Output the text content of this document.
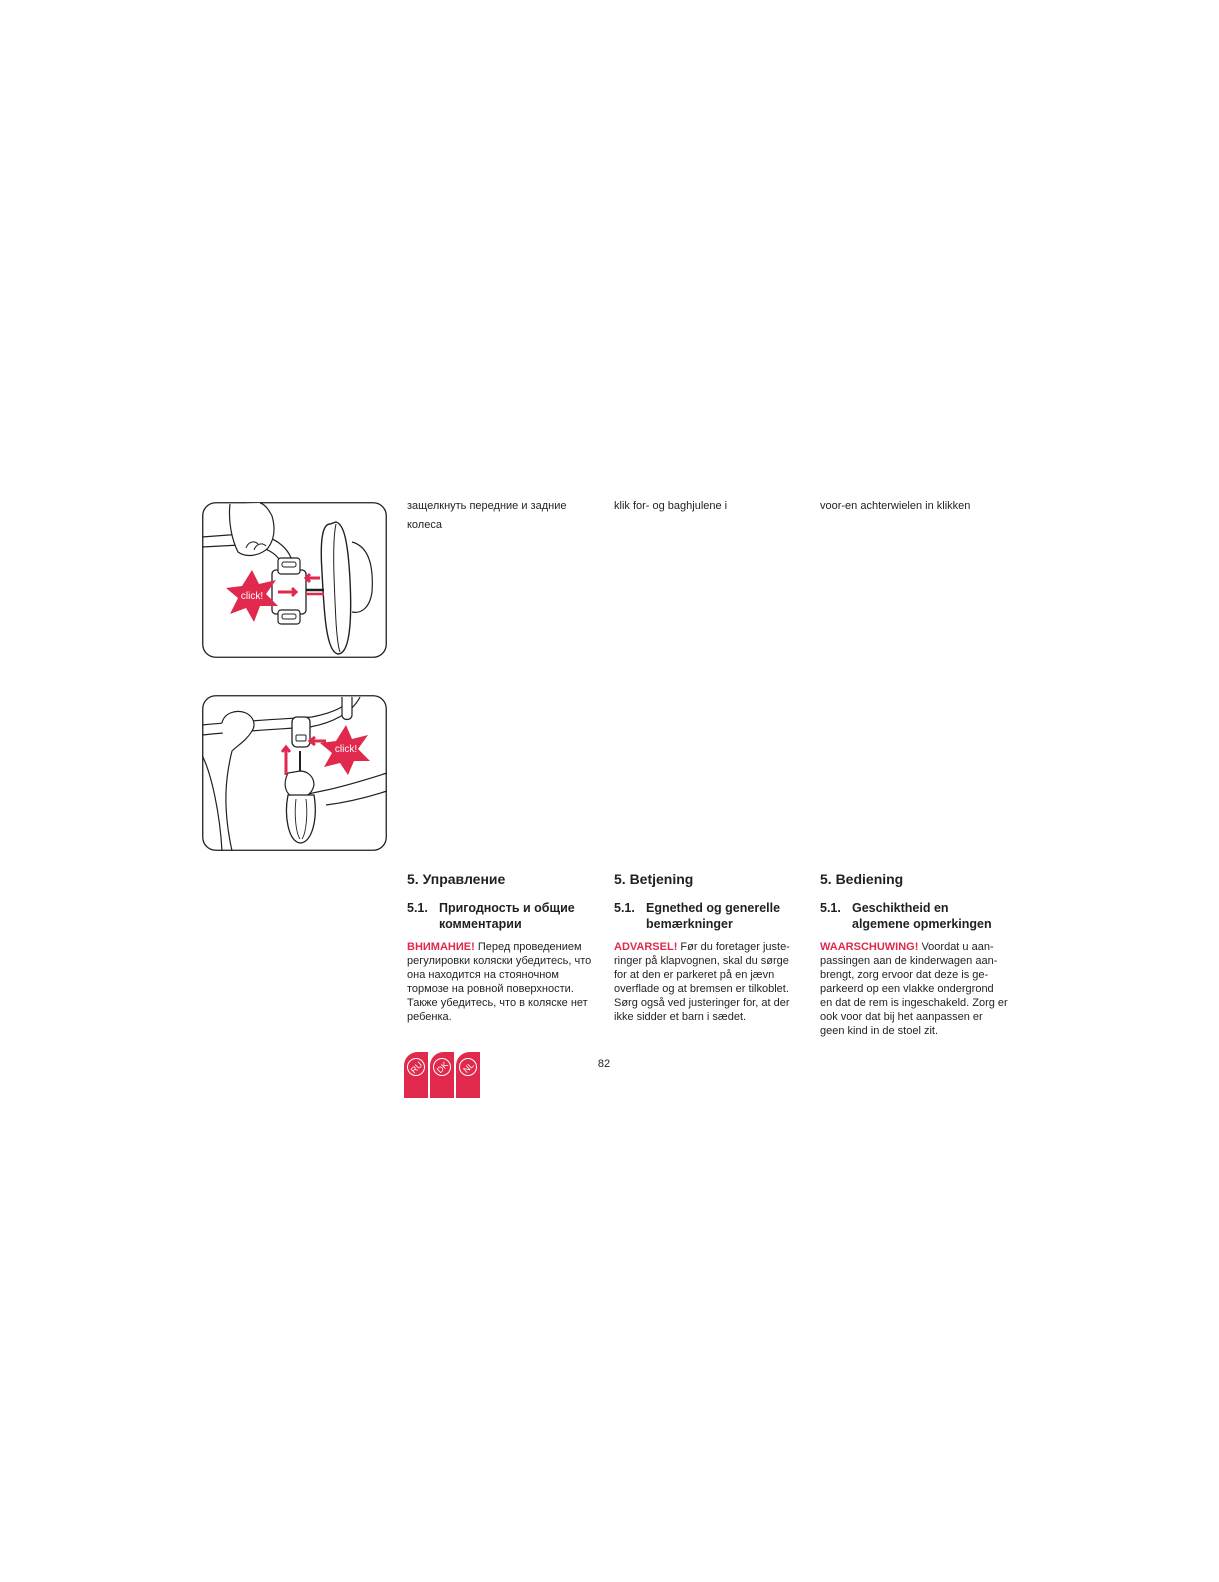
click!
click!
защелкнуть передние и задние колеса
klik for- og baghjulene i	voor-en achterwielen in klikken
5. Управление
5.1. Пригодность и общие комментарии
ВНИМАНИЕ! Перед проведением регулировки коляски убедитесь, что она находится на стояночном тормозе на ровной поверхности. Также убедитесь, что в коляске нет ребенка.
5. Betjening
5.1. Egnethed og generelle bemærkninger
ADVARSEL! Før du foretager juste- ringer på klapvognen, skal du sørge for at den er parkeret på en jævn overflade og at bremsen er tilkoblet. Sørg også ved justeringer for, at der ikke sidder et barn i sædet.
5. Bediening
5.1. Geschiktheid en algemene opmerkingen
WAARSCHUWING! Voordat u aan- passingen aan de kinderwagen aan- brengt, zorg ervoor dat deze is ge- parkeerd op een vlakke ondergrond en dat de rem is ingeschakeld. Zorg er ook voor dat bij het aanpassen er geen kind in de stoel zit.
RU DK NL	82
